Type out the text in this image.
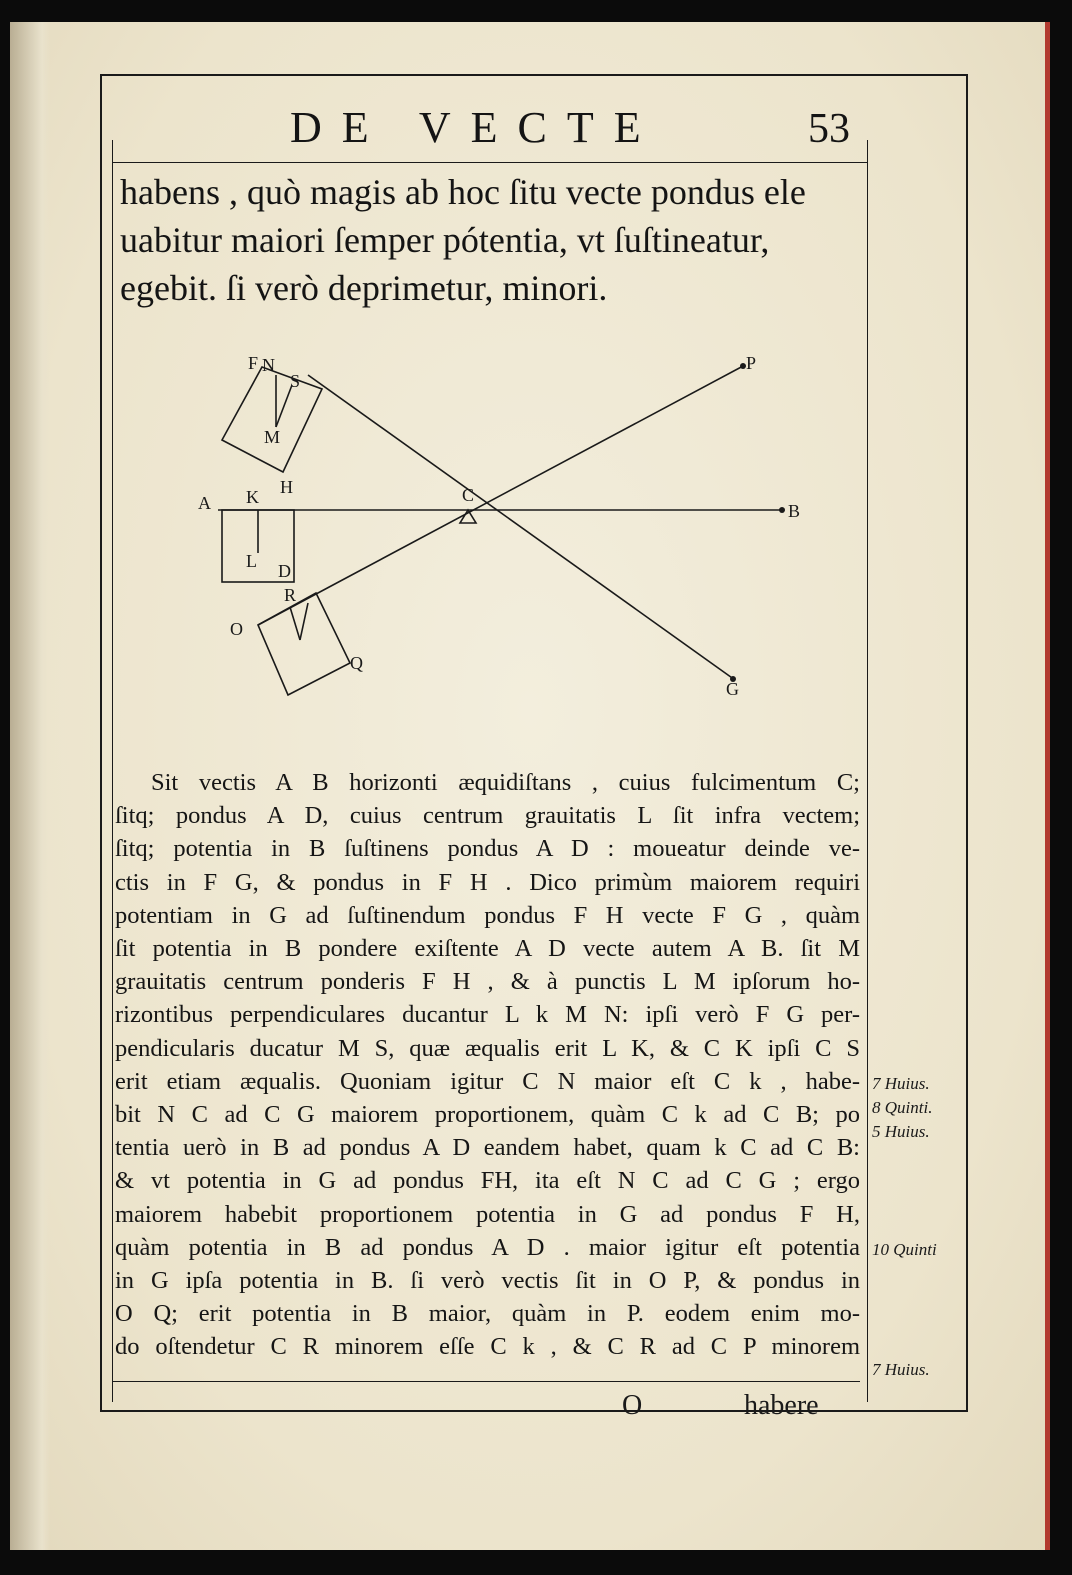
DE VECTE	53
habens , quò magis ab hoc ſitu vecte pondus ele
uabitur maiori ſemper pótentia, vt ſuſtineatur,
egebit. ſi verò deprimetur, minori.
A	B
C
D
F N
S
M
H
K
L
R
O
Q
P
G
Sit vectis A B horizonti æquidiſtans , cuius fulcimentum C;
ſitq; pondus A D, cuius centrum grauitatis L ſit infra vectem;
ſitq; potentia in B ſuſtinens pondus A D : moueatur deinde ve-
ctis in F G, & pondus in F H . Dico primùm maiorem requiri
potentiam in G ad ſuſtinendum pondus F H vecte F G , quàm
ſit potentia in B pondere exiſtente A D vecte autem A B. ſit M
grauitatis centrum ponderis F H , & à punctis L M ipſorum ho-
rizontibus perpendiculares ducantur L k M N: ipſi verò F G per-
pendicularis ducatur M S, quæ æqualis erit L K, & C K ipſi C S
erit etiam æqualis. Quoniam igitur C N maior eſt C k , habe-
bit N C ad C G maiorem proportionem, quàm C k ad C B; po
tentia uerò in B ad pondus A D eandem habet, quam k C ad C B:
& vt potentia in G ad pondus FH, ita eſt N C ad C G ; ergo
maiorem habebit proportionem potentia in G ad pondus F H,
quàm potentia in B ad pondus A D . maior igitur eſt potentia
in G ipſa potentia in B. ſi verò vectis ſit in O P, & pondus in
O Q; erit potentia in B maior, quàm in P. eodem enim mo-
do oſtendetur C R minorem eſſe C k , & C R ad C P minorem
7 Huius.
8 Quinti.
5 Huius.
10 Quinti
7 Huius.
O	habere
